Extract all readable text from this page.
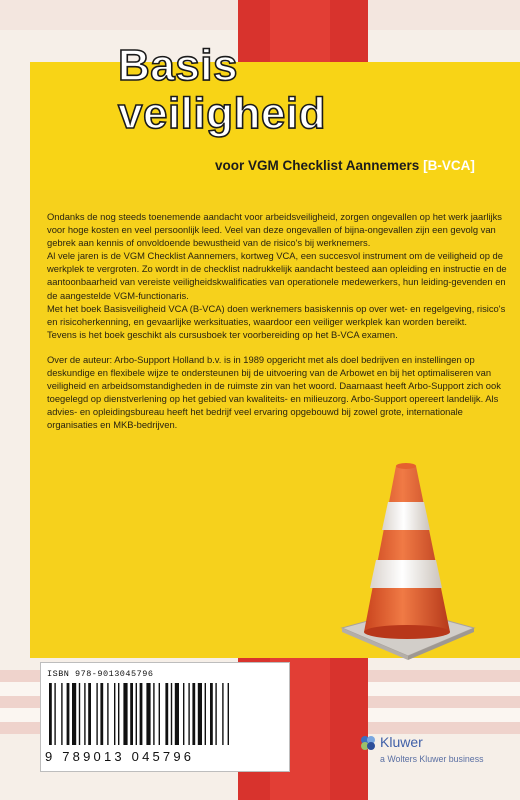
Basis
veiligheid
voor VGM Checklist Aannemers [B-VCA]

Ondanks de nog steeds toenemende aandacht voor arbeidsveiligheid, zorgen ongevallen op het werk jaarlijks voor hoge kosten en veel persoonlijk leed. Veel van deze ongevallen of bijna-ongevallen zijn een gevolg van gebrek aan kennis of onvoldoende bewustheid van de risico's bij werknemers.

Al vele jaren is de VGM Checklist Aannemers, kortweg VCA, een succesvol instrument om de veiligheid op de werkplek te vergroten. Zo wordt in de checklist nadrukkelijk aandacht besteed aan opleiding en instructie en de aantoonbaarheid van vereiste veiligheidskwalificaties van operationele medewerkers, hun leiding-gevenden en de aangestelde VGM-functionaris.

Met het boek Basisveiligheid VCA (B-VCA) doen werknemers basiskennis op over wet- en regelgeving, risico's en risicoherkenning, en gevaarlijke werksituaties, waardoor een veiliger werkplek kan worden bereikt.

Tevens is het boek geschikt als cursusboek ter voorbereiding op het B-VCA examen.

Over de auteur: Arbo-Support Holland b.v. is in 1989 opgericht met als doel bedrijven en instellingen op deskundige en flexibele wijze te ondersteunen bij de uitvoering van de Arbowet en bij het optimaliseren van veiligheid en arbeidsomstandigheden in de ruimste zin van het woord. Daarnaast heeft Arbo-Support zich ook toegelegd op dienstverlening op het gebied van kwaliteits- en milieuzorg. Arbo-Support opereert landelijk. Als advies- en opleidingsbureau heeft het bedrijf veel ervaring opgebouwd bij zowel grote, internationale organisaties en MKB-bedrijven.

ISBN 978-9013045796
9 789013 045796
Kluwer
a Wolters Kluwer business
